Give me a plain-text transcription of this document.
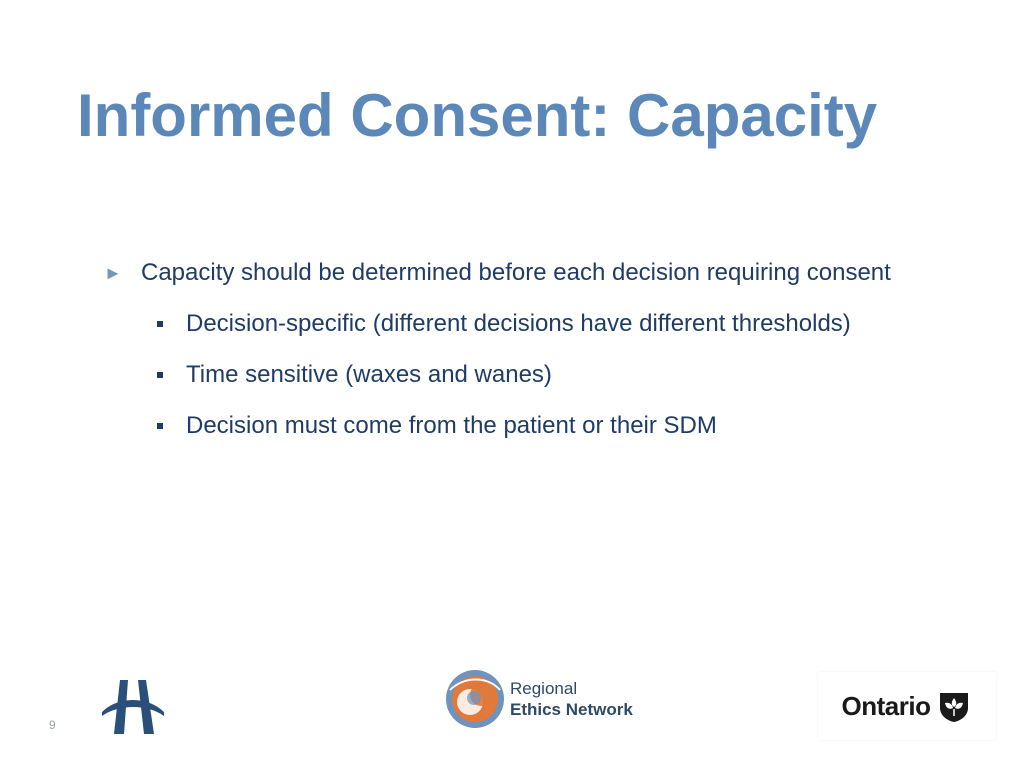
Informed Consent: Capacity
► Capacity should be determined before each decision requiring consent
Decision-specific (different decisions have different thresholds)
Time sensitive (waxes and wanes)
Decision must come from the patient or their SDM
9
Regional
Ethics Network	Ontario
